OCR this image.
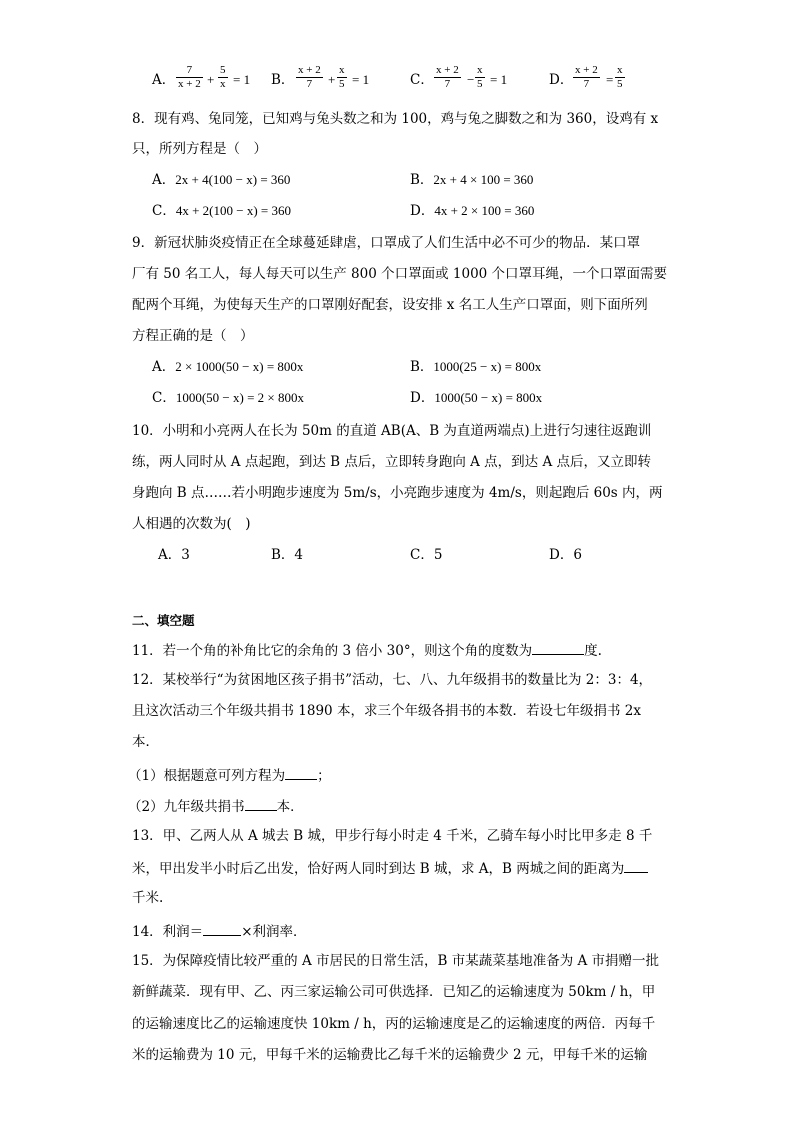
A． $\frac{7}{x + 2} + \frac{5}{x} = 1$ B． $\frac{x + 2}{7} + \frac{x}{5} = 1$	C． $\frac{x + 2}{7} - \frac{x}{5} = 1$	D． $\frac{x + 2}{7} = \frac{x}{5}$
8．现有鸡、兔同笼，已知鸡与兔头数之和为 100，鸡与兔之脚数之和为 360，设鸡有 x
只，所列方程是（　）
A．2x + 4(100 − x) = 360	B．2x + 4 × 100 = 360
C．4x + 2(100 − x) = 360	D．4x + 2 × 100 = 360
9．新冠状肺炎疫情正在全球蔓延肆虐，口罩成了人们生活中必不可少的物品．某口罩
厂有 50 名工人，每人每天可以生产 800 个口罩面或 1000 个口罩耳绳，一个口罩面需要
配两个耳绳，为使每天生产的口罩刚好配套，设安排 x 名工人生产口罩面，则下面所列
方程正确的是（　）
A．2 × 1000(50 − x) = 800x	B．1000(25 − x) = 800x
C．1000(50 − x) = 2 × 800x	D．1000(50 − x) = 800x
10．小明和小亮两人在长为 50m 的直道 AB(A、B 为直道两端点)上进行匀速往返跑训
练，两人同时从 A 点起跑，到达 B 点后，立即转身跑向 A 点，到达 A 点后，又立即转
身跑向 B 点……若小明跑步速度为 5m/s，小亮跑步速度为 4m/s，则起跑后 60s 内，两
人相遇的次数为(　)
A．3	B．4	C．5	D．6
二、填空题
11．若一个角的补角比它的余角的 3 倍小 30°，则这个角的度数为	度.
12．某校举行“为贫困地区孩子捐书”活动，七、八、九年级捐书的数量比为 2：3：4，
且这次活动三个年级共捐书 1890 本，求三个年级各捐书的本数．若设七年级捐书 2x
本．
（1）根据题意可列方程为 ；
（2）九年级共捐书 本．
13．甲、乙两人从 A 城去 B 城，甲步行每小时走 4 千米，乙骑车每小时比甲多走 8 千
米，甲出发半小时后乙出发，恰好两人同时到达 B 城，求 A，B 两城之间的距离为
千米.
14．利润＝	×利润率．
15．为保障疫情比较严重的 A 市居民的日常生活，B 市某蔬菜基地准备为 A 市捐赠一批
新鲜蔬菜．现有甲、乙、丙三家运输公司可供选择．已知乙的运输速度为 50km / h，甲
的运输速度比乙的运输速度快 10km / h，丙的运输速度是乙的运输速度的两倍．丙每千
米的运输费为 10 元，甲每千米的运输费比乙每千米的运输费少 2 元，甲每千米的运输
